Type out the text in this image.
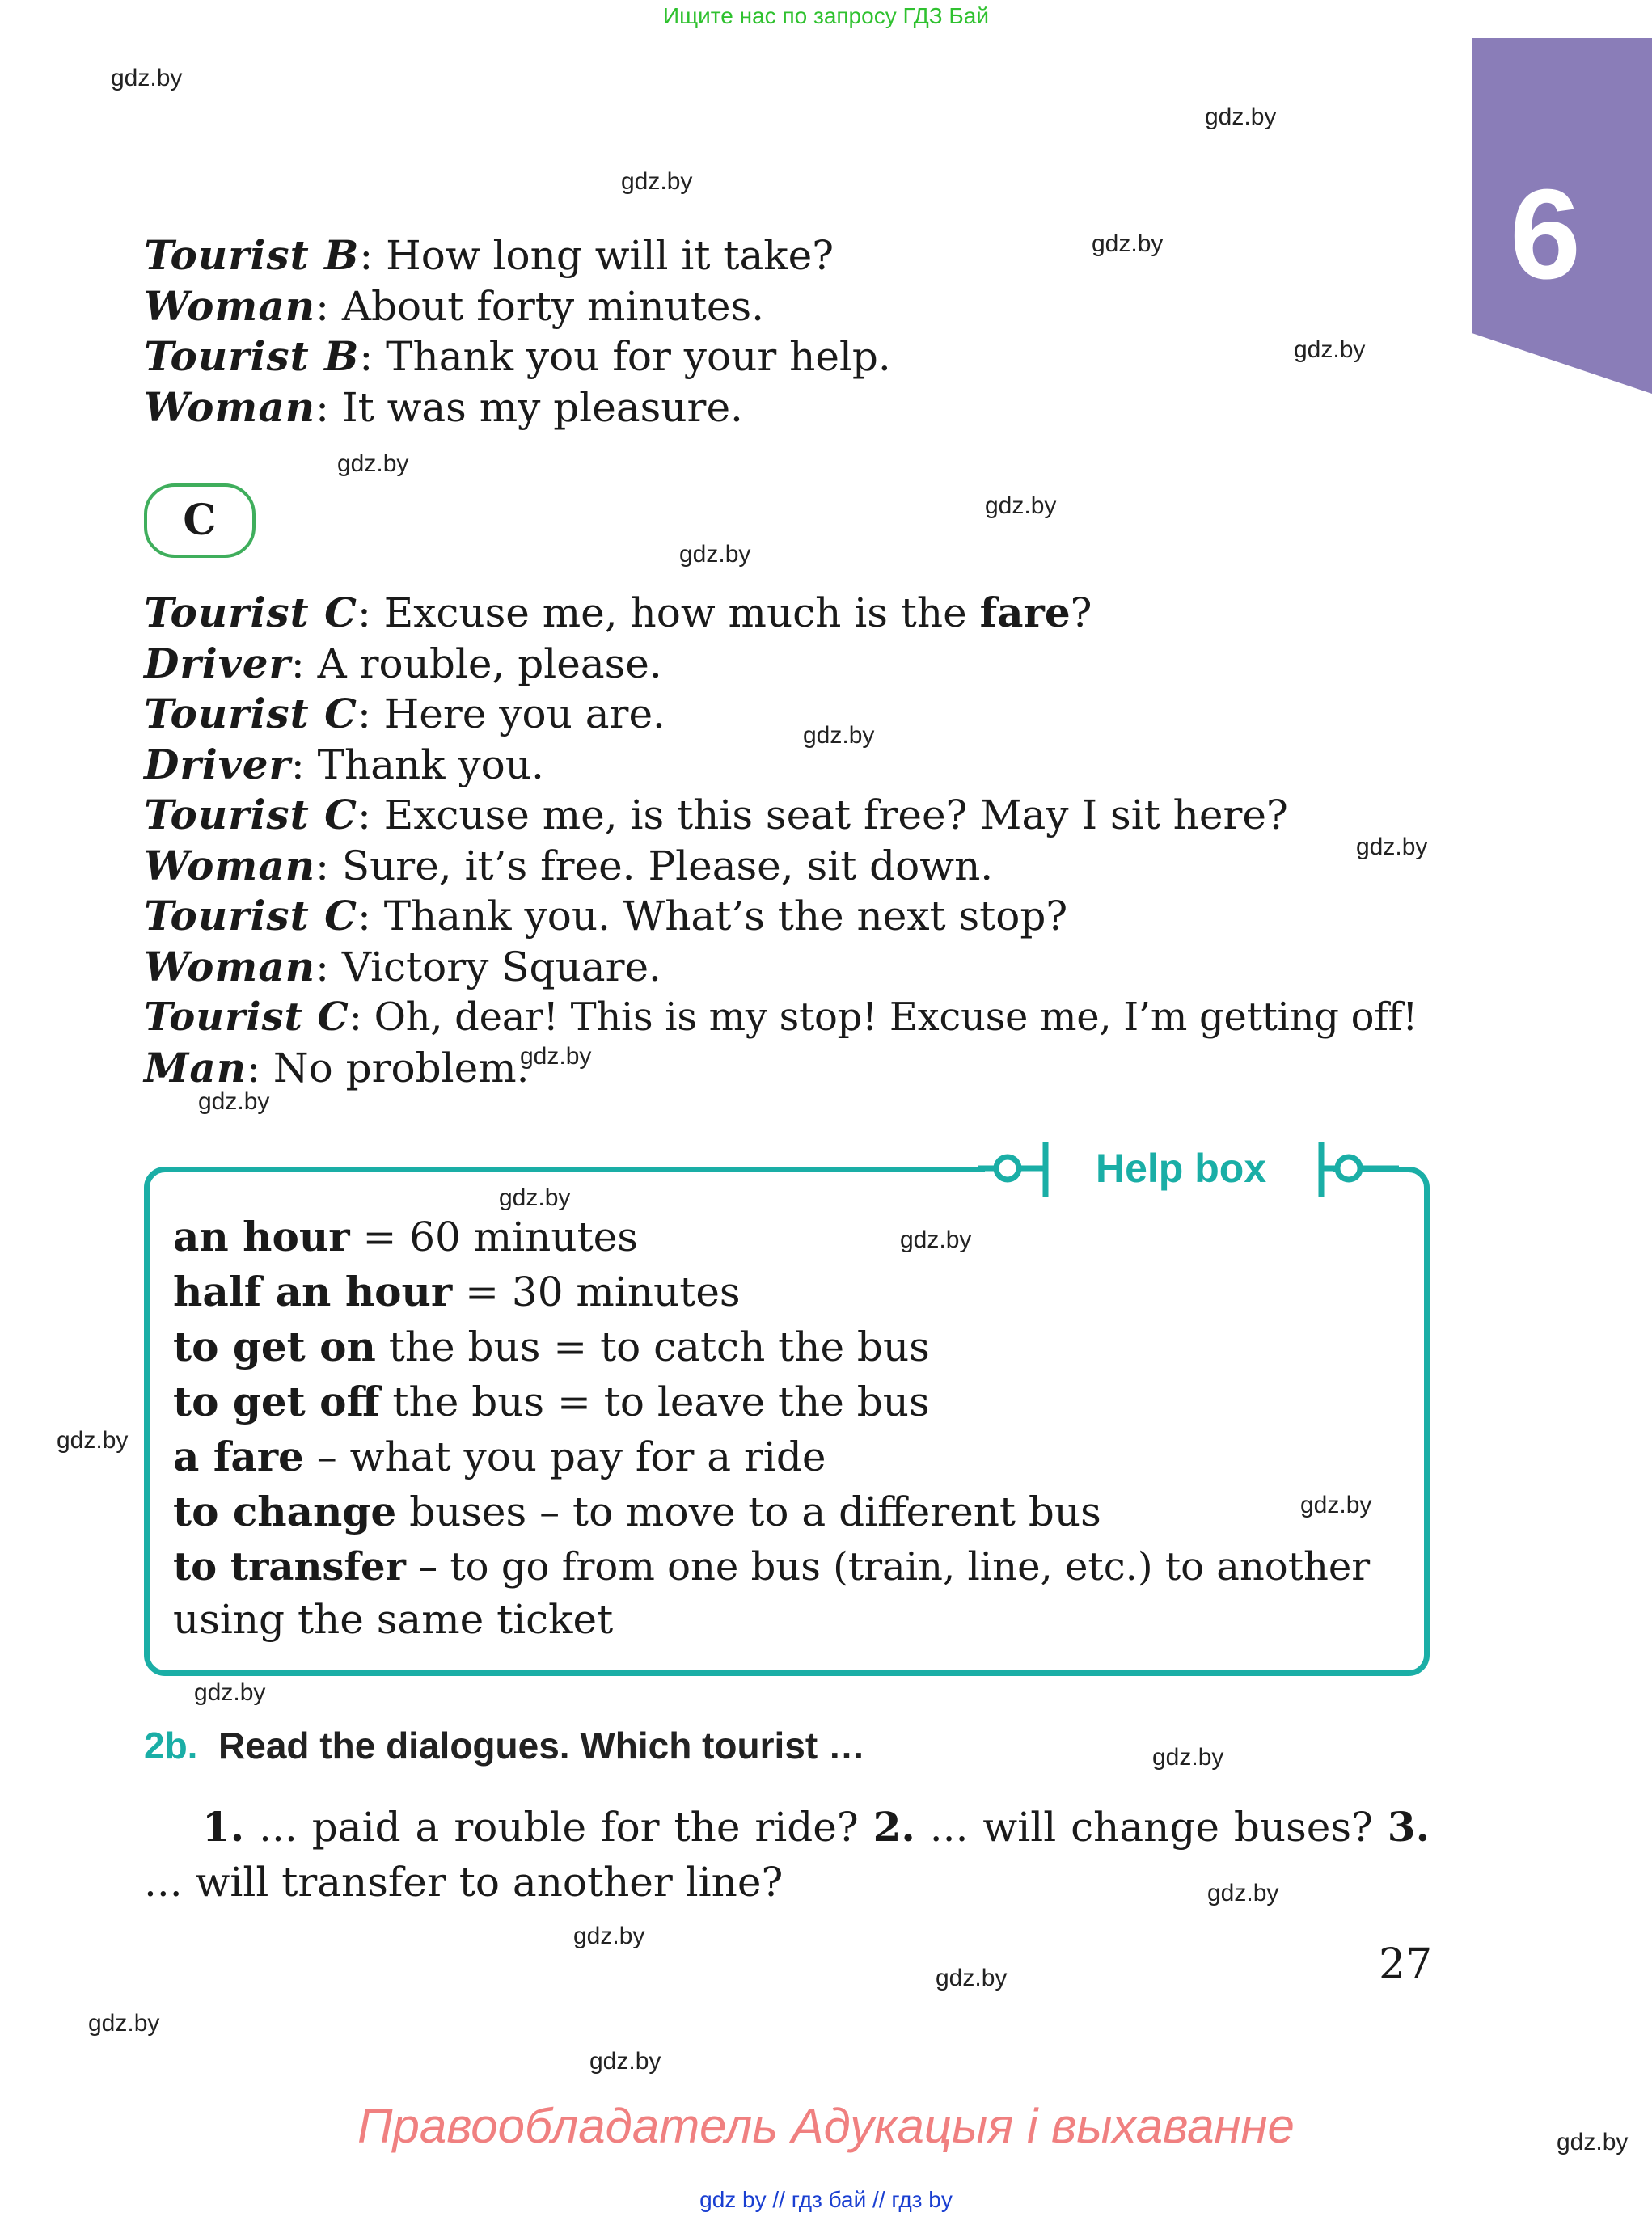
Ищите нас по запросу ГДЗ Бай
6
gdz.by
gdz.by
gdz.by
gdz.by
gdz.by
gdz.by
gdz.by
gdz.by
gdz.by
gdz.by
gdz.by
gdz.by
gdz.by
gdz.by
gdz.by
gdz.by
gdz.by
gdz.by
gdz.by
gdz.by
gdz.by
gdz.by
gdz.by
gdz.by
Tourist B: How long will it take?
Woman: About forty minutes.
Tourist B: Thank you for your help.
Woman: It was my pleasure.
C
Tourist C: Excuse me, how much is the fare?
Driver: A rouble, please.
Tourist C: Here you are.
Driver: Thank you.
Tourist C: Excuse me, is this seat free? May I sit here?
Woman: Sure, it’s free. Please, sit down.
Tourist C: Thank you. What’s the next stop?
Woman: Victory Square.
Tourist C: Oh, dear! This is my stop! Excuse me, I’m getting off!
Man: No problem.
Help box
an hour = 60 minutes
half an hour = 30 minutes
to get on the bus = to catch the bus
to get off the bus = to leave the bus
a fare – what you pay for a ride
to change buses – to move to a different bus
to transfer – to go from one bus (train, line, etc.) to another
using the same ticket
2b. Read the dialogues. Which tourist …
1. ... paid a rouble for the ride? 2. ... will change buses? 3. ... will transfer to another line?
27
Правообладатель Адукацыя і выхаванне
gdz by // гдз бай // гдз by
